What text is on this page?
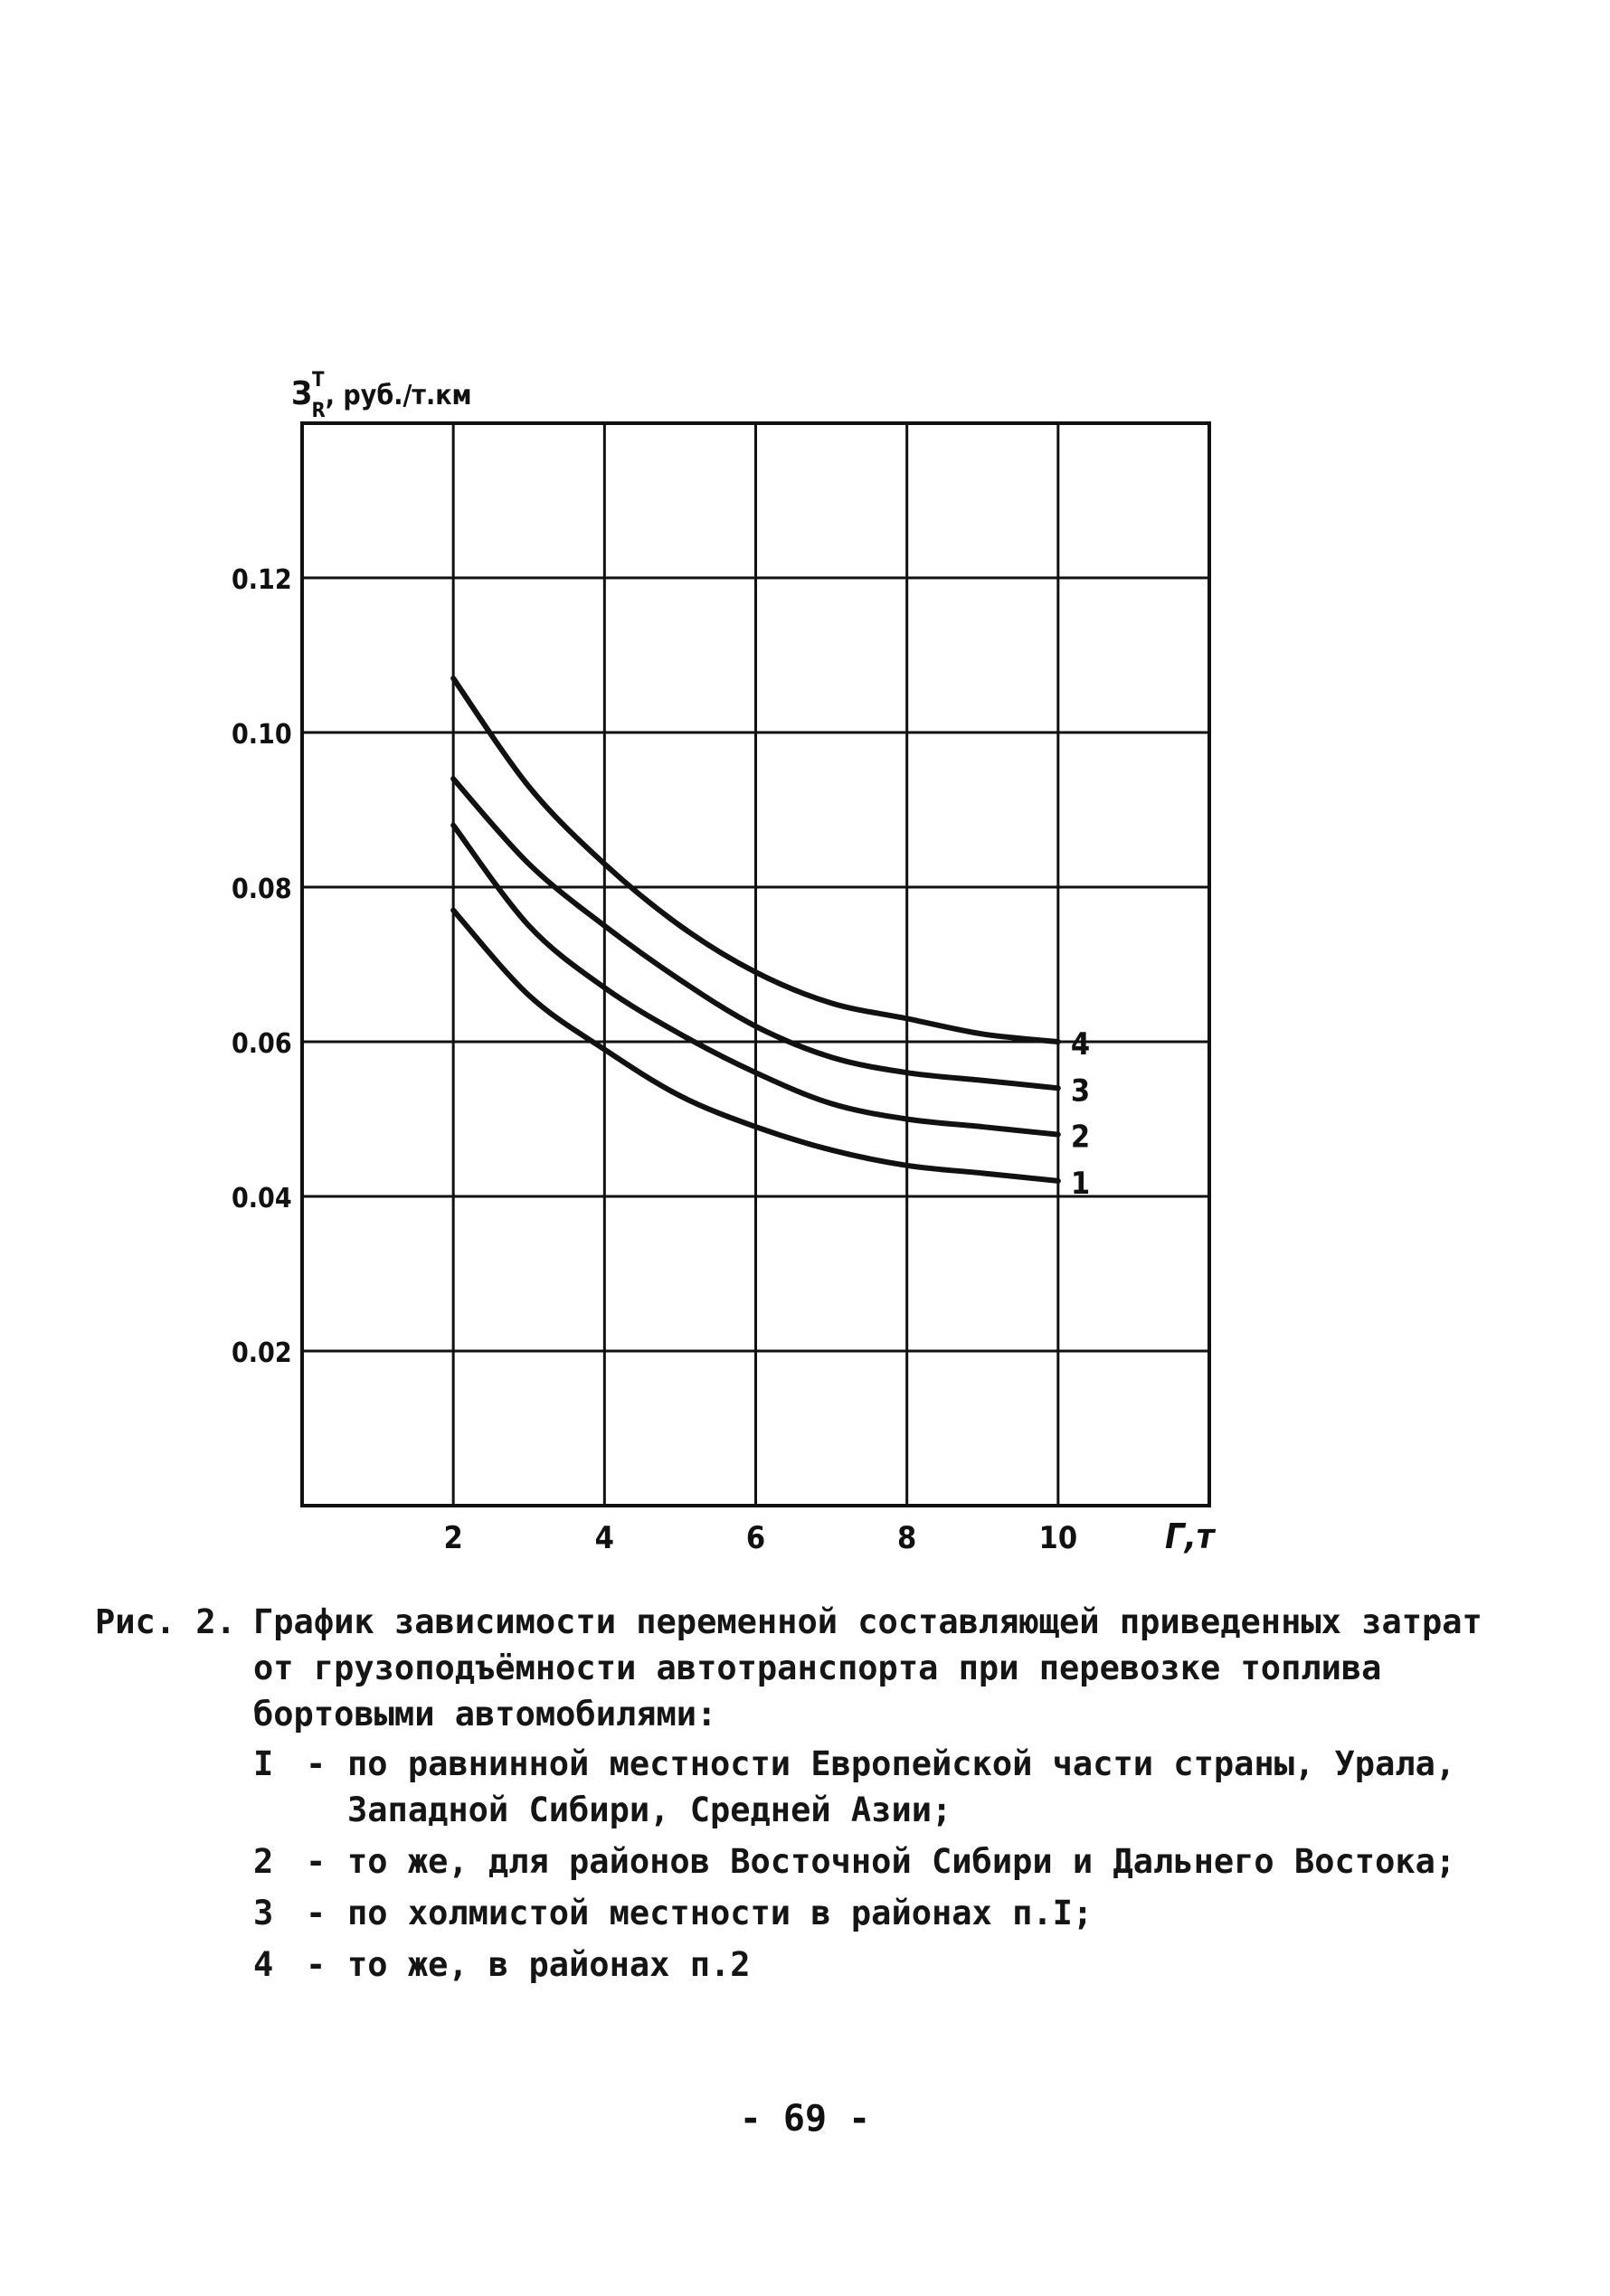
$З^Т$ $R^{, руб./т.км}$
2	4	6	8	10
0.02
0.04
0.06
0.08
0.10
0.12
1
2
3
4
Г,т
Рис. 2. График зависимости переменной составляющей приведенных затрат от грузоподъёмности автотранспорта при перевозке топлива бортовыми автомобилями:
I - по равнинной местности Европейской части страны, Урала, Западной Сибири, Средней Азии;
2 - то же, для районов Восточной Сибири и Дальнего Востока;
3 - по холмистой местности в районах п.I;
4 - то же, в районах п.2
- 69 -
